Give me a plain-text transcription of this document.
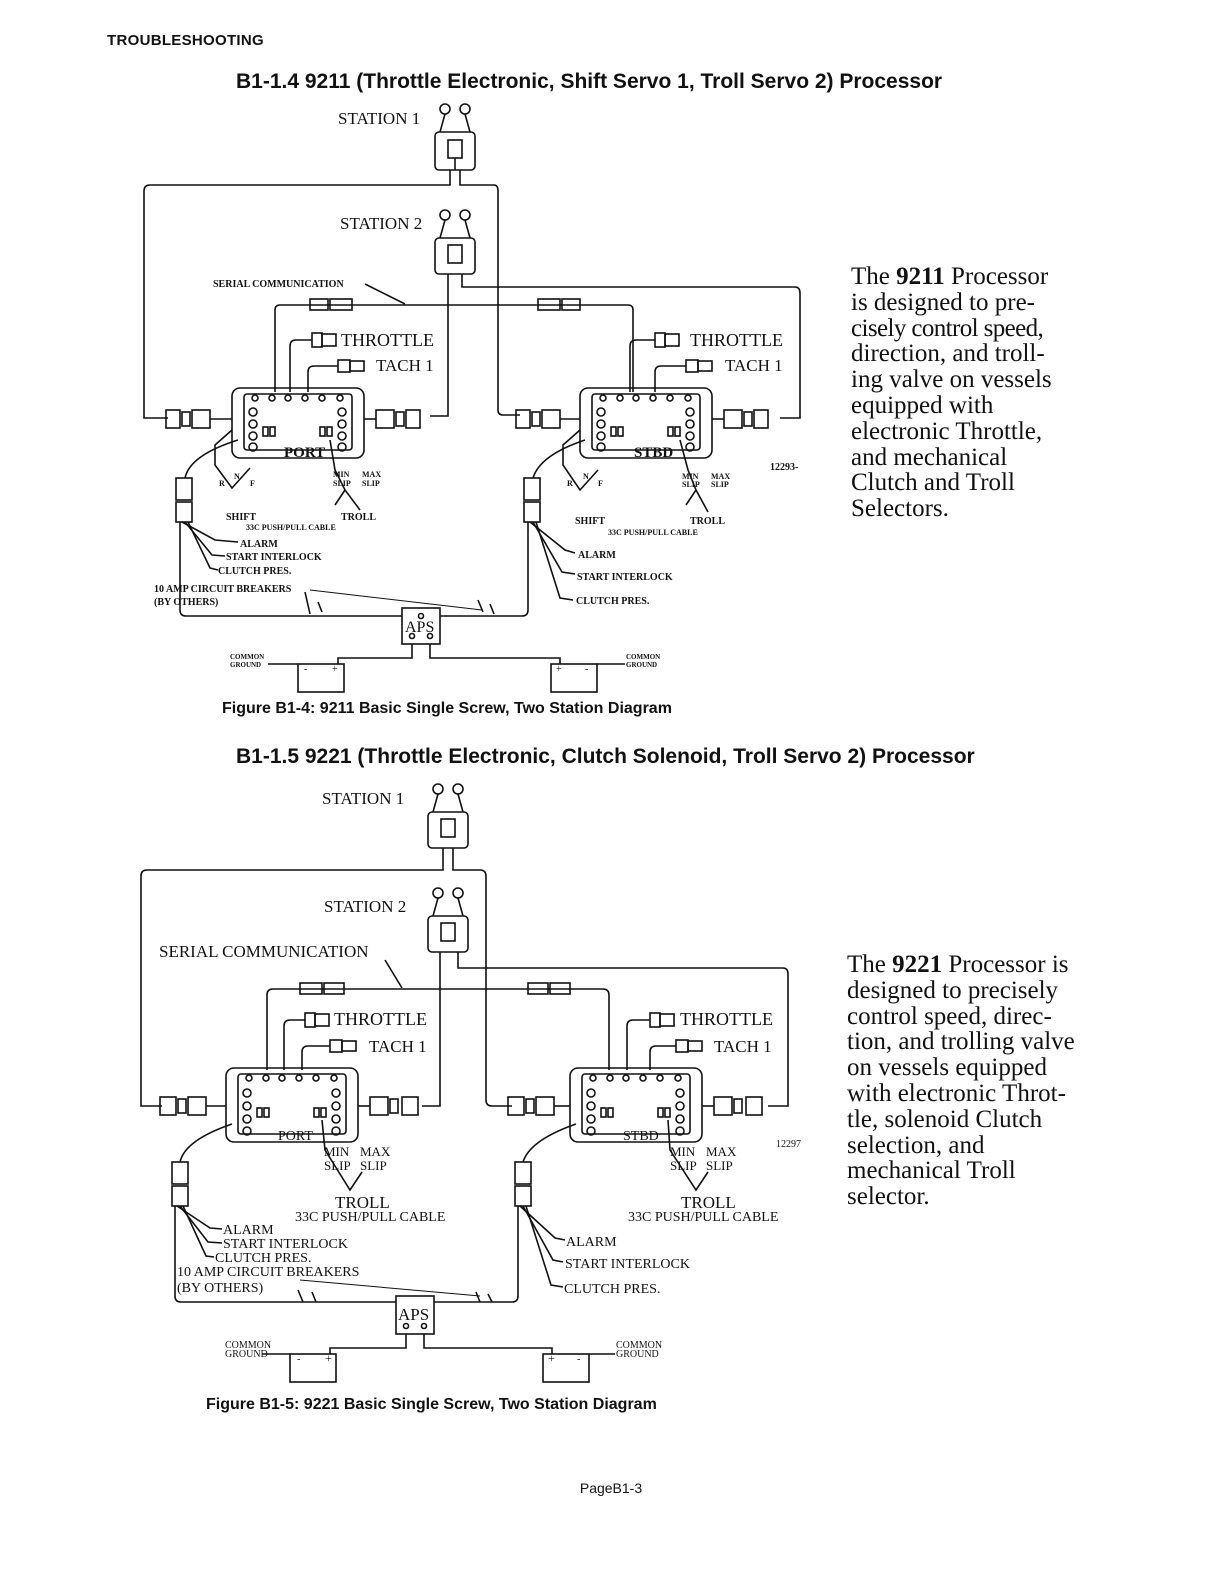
TROUBLESHOOTING
B1-1.4 9211 (Throttle Electronic, Shift Servo 1, Troll Servo 2) Processor
STATION 1
STATION 2
SERIAL COMMUNICATION
THROTTLE
TACH 1
THROTTLE
TACH 1
PORT	STBD
12293-
R
N
F	R
N
F
MIN
SLIP
MAX
SLIP
MIN
SLIP
MAX
SLIP
SHIFT	TROLL
33C PUSH/PULL CABLE
SHIFT	TROLL
33C PUSH/PULL CABLE
ALARM
START INTERLOCK
CLUTCH PRES.
ALARM
START INTERLOCK
CLUTCH PRES.
10 AMP CIRCUIT BREAKERS
(BY OTHERS)
APS
COMMON
GROUND
COMMON
GROUND
- +	+ -
The 9211 Processor
is designed to pre-
cisely control speed,
direction, and troll-
ing valve on vessels
equipped with
electronic Throttle,
and mechanical
Clutch and Troll
Selectors.
Figure B1-4: 9211 Basic Single Screw, Two Station Diagram
B1-1.5 9221 (Throttle Electronic, Clutch Solenoid, Troll Servo 2) Processor
STATION 1
STATION 2
SERIAL COMMUNICATION
THROTTLE
TACH 1
THROTTLE
TACH 1
PORT	STBD
12297
MIN
SLIP
MAX
SLIP
MIN
SLIP
MAX
SLIP
TROLL
33C PUSH/PULL CABLE
TROLL
33C PUSH/PULL CABLE
ALARM
START INTERLOCK
CLUTCH PRES.
ALARM
START INTERLOCK
CLUTCH PRES.
10 AMP CIRCUIT BREAKERS
(BY OTHERS)
APS
COMMON
GROUND
COMMON
GROUND
- +	+ -
The 9221 Processor is
designed to precisely
control speed, direc-
tion, and trolling valve
on vessels equipped
with electronic Throt-
tle, solenoid Clutch
selection, and
mechanical Troll
selector.
Figure B1-5: 9221 Basic Single Screw, Two Station Diagram
PageB1-3
